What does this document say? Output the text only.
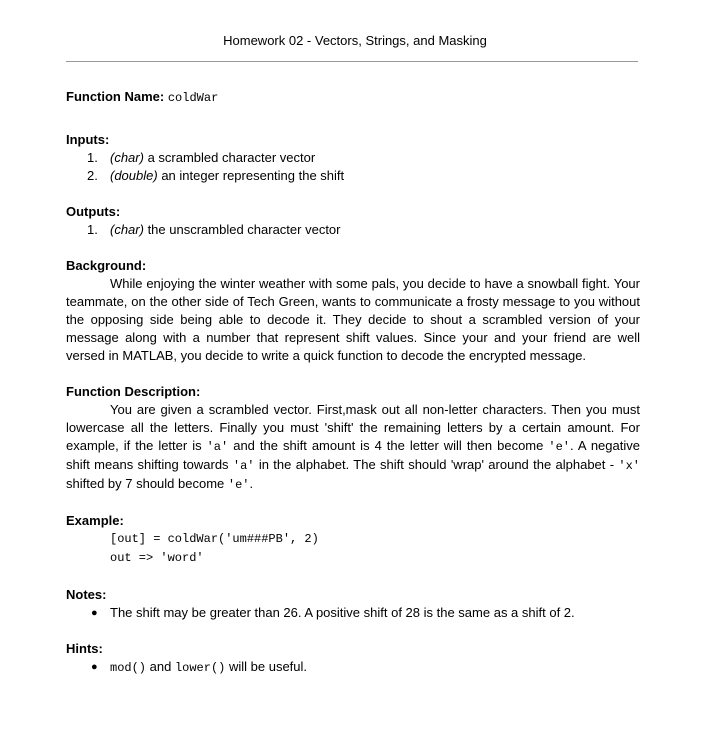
Homework 02 - Vectors, Strings, and Masking
Function Name: coldWar
Inputs:
1. (char) a scrambled character vector
2. (double) an integer representing the shift
Outputs:
1. (char) the unscrambled character vector
Background:
While enjoying the winter weather with some pals, you decide to have a snowball fight. Your teammate, on the other side of Tech Green, wants to communicate a frosty message to you without the opposing side being able to decode it. They decide to shout a scrambled version of your message along with a number that represent shift values. Since your and your friend are well versed in MATLAB, you decide to write a quick function to decode the encrypted message.
Function Description:
You are given a scrambled vector. First,mask out all non-letter characters. Then you must lowercase all the letters. Finally you must 'shift' the remaining letters by a certain amount. For example, if the letter is 'a' and the shift amount is 4 the letter will then become 'e'. A negative shift means shifting towards 'a' in the alphabet. The shift should 'wrap' around the alphabet - 'x' shifted by 7 should become 'e'.
Example:
[out] = coldWar('um###PB', 2)
out => 'word'
Notes:
● The shift may be greater than 26. A positive shift of 28 is the same as a shift of 2.
Hints:
● mod() and lower() will be useful.
